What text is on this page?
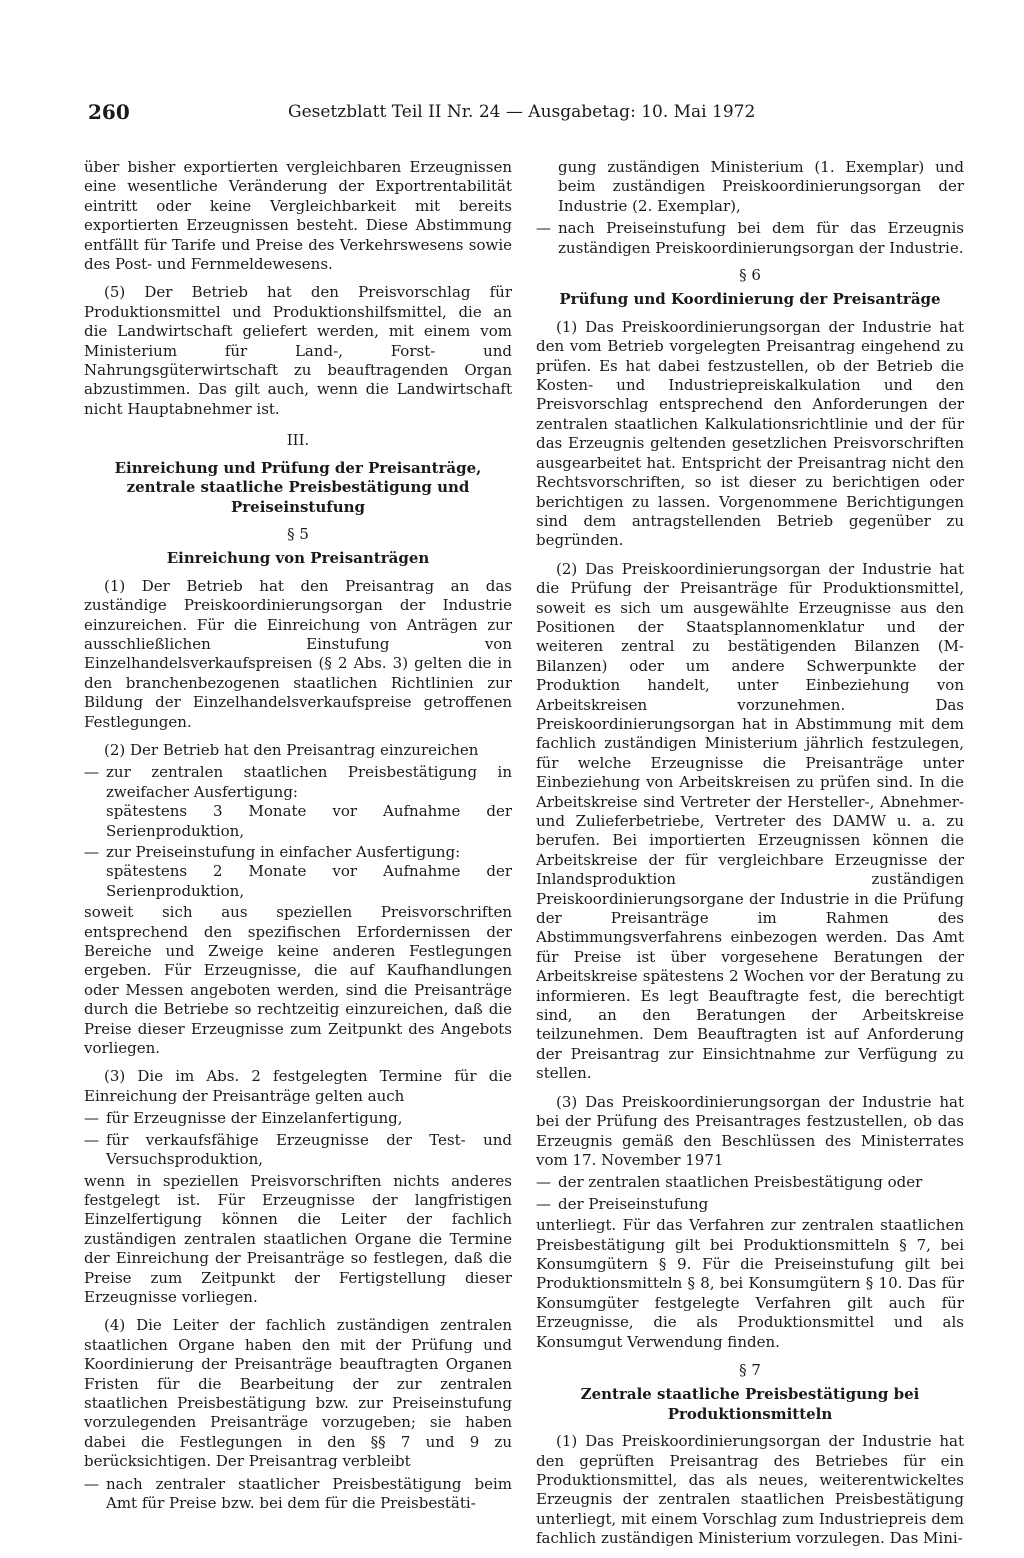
260	Gesetzblatt Teil II Nr. 24 — Ausgabetag: 10. Mai 1972

über bisher exportierten vergleichbaren Erzeugnissen eine wesentliche Veränderung der Exportrentabilität eintritt oder keine Vergleichbarkeit mit bereits exportierten Erzeugnissen besteht. Diese Abstimmung entfällt für Tarife und Preise des Verkehrswesens sowie des Post- und Fernmeldewesens.

(5) Der Betrieb hat den Preisvorschlag für Produktionsmittel und Produktionshilfsmittel, die an die Landwirtschaft geliefert werden, mit einem vom Ministerium für Land-, Forst- und Nahrungsgüterwirtschaft zu beauftragenden Organ abzustimmen. Das gilt auch, wenn die Landwirtschaft nicht Hauptabnehmer ist.

III.
Einreichung und Prüfung der Preisanträge, zentrale staatliche Preisbestätigung und Preiseinstufung
§ 5
Einreichung von Preisanträgen

(1) Der Betrieb hat den Preisantrag an das zuständige Preiskoordinierungsorgan der Industrie einzureichen. Für die Einreichung von Anträgen zur ausschließlichen Einstufung von Einzelhandelsverkaufspreisen (§ 2 Abs. 3) gelten die in den branchenbezogenen staatlichen Richtlinien zur Bildung der Einzelhandelsverkaufspreise getroffenen Festlegungen.

(2) Der Betrieb hat den Preisantrag einzureichen

— zur zentralen staatlichen Preisbestätigung in zweifacher Ausfertigung:
spätestens 3 Monate vor Aufnahme der Serienproduktion,
— zur Preiseinstufung in einfacher Ausfertigung:
spätestens 2 Monate vor Aufnahme der Serienproduktion,

soweit sich aus speziellen Preisvorschriften entsprechend den spezifischen Erfordernissen der Bereiche und Zweige keine anderen Festlegungen ergeben. Für Erzeugnisse, die auf Kaufhandlungen oder Messen angeboten werden, sind die Preisanträge durch die Betriebe so rechtzeitig einzureichen, daß die Preise dieser Erzeugnisse zum Zeitpunkt des Angebots vorliegen.

(3) Die im Abs. 2 festgelegten Termine für die Einreichung der Preisanträge gelten auch

— für Erzeugnisse der Einzelanfertigung,
— für verkaufsfähige Erzeugnisse der Test- und Versuchsproduktion,

wenn in speziellen Preisvorschriften nichts anderes festgelegt ist. Für Erzeugnisse der langfristigen Einzelfertigung können die Leiter der fachlich zuständigen zentralen staatlichen Organe die Termine der Einreichung der Preisanträge so festlegen, daß die Preise zum Zeitpunkt der Fertigstellung dieser Erzeugnisse vorliegen.

(4) Die Leiter der fachlich zuständigen zentralen staatlichen Organe haben den mit der Prüfung und Koordinierung der Preisanträge beauftragten Organen Fristen für die Bearbeitung der zur zentralen staatlichen Preisbestätigung bzw. zur Preiseinstufung vorzulegenden Preisanträge vorzugeben; sie haben dabei die Festlegungen in den §§ 7 und 9 zu berücksichtigen. Der Preisantrag verbleibt

— nach zentraler staatlicher Preisbestätigung beim Amt für Preise bzw. bei dem für die Preisbestäti-

gung zuständigen Ministerium (1. Exemplar) und beim zuständigen Preiskoordinierungsorgan der Industrie (2. Exemplar),

— nach Preiseinstufung bei dem für das Erzeugnis zuständigen Preiskoordinierungsorgan der Industrie.
§ 6
Prüfung und Koordinierung der Preisanträge

(1) Das Preiskoordinierungsorgan der Industrie hat den vom Betrieb vorgelegten Preisantrag eingehend zu prüfen. Es hat dabei festzustellen, ob der Betrieb die Kosten- und Industriepreiskalkulation und den Preisvorschlag entsprechend den Anforderungen der zentralen staatlichen Kalkulationsrichtlinie und der für das Erzeugnis geltenden gesetzlichen Preisvorschriften ausgearbeitet hat. Entspricht der Preisantrag nicht den Rechtsvorschriften, so ist dieser zu berichtigen oder berichtigen zu lassen. Vorgenommene Berichtigungen sind dem antragstellenden Betrieb gegenüber zu begründen.

(2) Das Preiskoordinierungsorgan der Industrie hat die Prüfung der Preisanträge für Produktionsmittel, soweit es sich um ausgewählte Erzeugnisse aus den Positionen der Staatsplannomenklatur und der weiteren zentral zu bestätigenden Bilanzen (M-Bilanzen) oder um andere Schwerpunkte der Produktion handelt, unter Einbeziehung von Arbeitskreisen vorzunehmen. Das Preiskoordinierungsorgan hat in Abstimmung mit dem fachlich zuständigen Ministerium jährlich festzulegen, für welche Erzeugnisse die Preisanträge unter Einbeziehung von Arbeitskreisen zu prüfen sind. In die Arbeitskreise sind Vertreter der Hersteller-, Abnehmer- und Zulieferbetriebe, Vertreter des DAMW u. a. zu berufen. Bei importierten Erzeugnissen können die Arbeitskreise der für vergleichbare Erzeugnisse der Inlandsproduktion zuständigen Preiskoordinierungsorgane der Industrie in die Prüfung der Preisanträge im Rahmen des Abstimmungsverfahrens einbezogen werden. Das Amt für Preise ist über vorgesehene Beratungen der Arbeitskreise spätestens 2 Wochen vor der Beratung zu informieren. Es legt Beauftragte fest, die berechtigt sind, an den Beratungen der Arbeitskreise teilzunehmen. Dem Beauftragten ist auf Anforderung der Preisantrag zur Einsichtnahme zur Verfügung zu stellen.

(3) Das Preiskoordinierungsorgan der Industrie hat bei der Prüfung des Preisantrages festzustellen, ob das Erzeugnis gemäß den Beschlüssen des Ministerrates vom 17. November 1971

— der zentralen staatlichen Preisbestätigung oder
— der Preiseinstufung

unterliegt. Für das Verfahren zur zentralen staatlichen Preisbestätigung gilt bei Produktionsmitteln § 7, bei Konsumgütern § 9. Für die Preiseinstufung gilt bei Produktionsmitteln § 8, bei Konsumgütern § 10. Das für Konsumgüter festgelegte Verfahren gilt auch für Erzeugnisse, die als Produktionsmittel und als Konsumgut Verwendung finden.

§ 7
Zentrale staatliche Preisbestätigung bei Produktionsmitteln

(1) Das Preiskoordinierungsorgan der Industrie hat den geprüften Preisantrag des Betriebes für ein Produktionsmittel, das als neues, weiterentwickeltes Erzeugnis der zentralen staatlichen Preisbestätigung unterliegt, mit einem Vorschlag zum Industriepreis dem fachlich zuständigen Ministerium vorzulegen. Das Mini-
